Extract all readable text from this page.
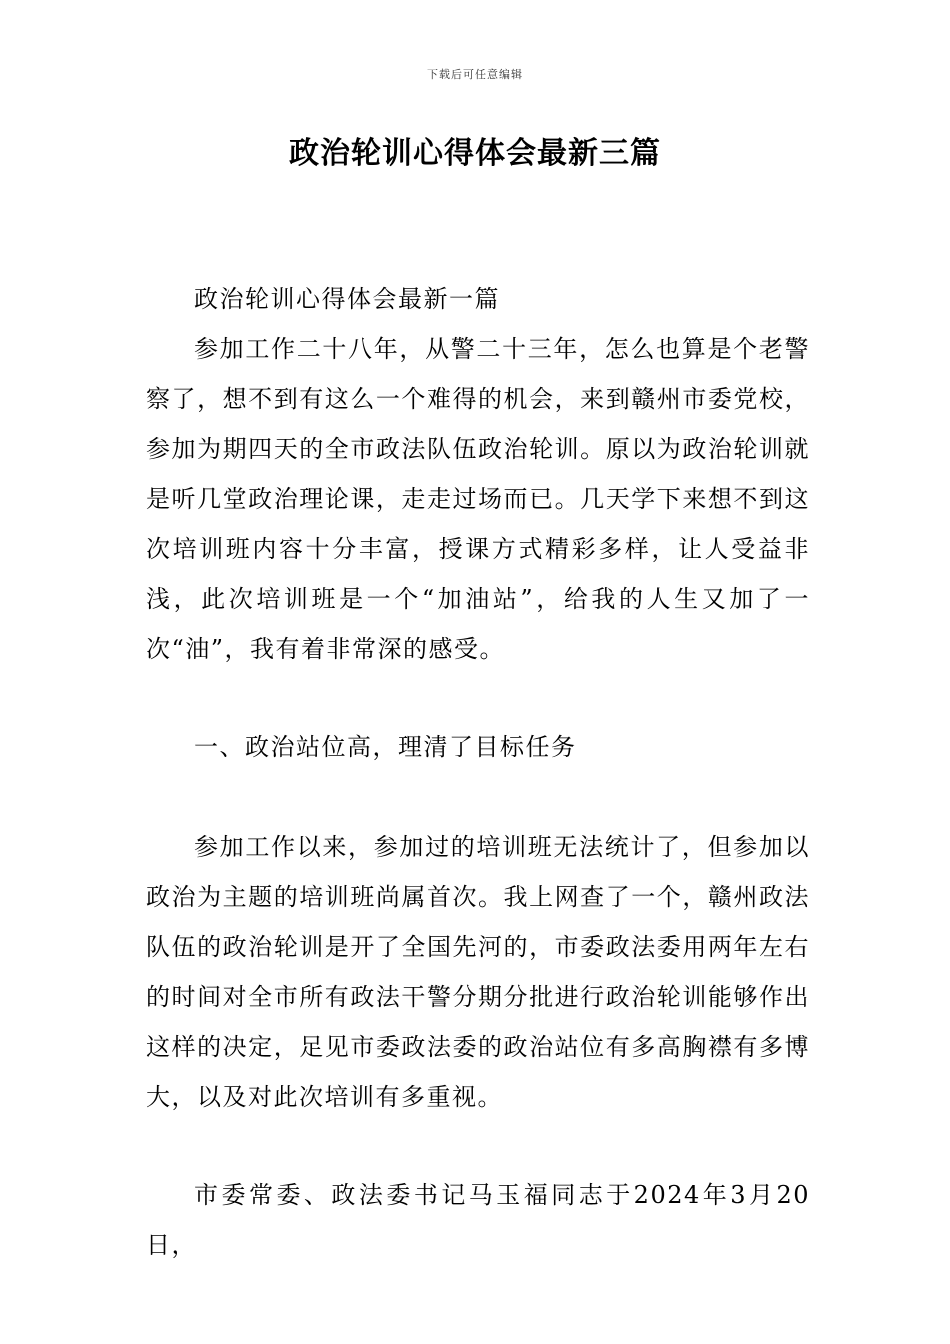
下载后可任意编辑
政治轮训心得体会最新三篇

政治轮训心得体会最新一篇

参加工作二十八年，从警二十三年，怎么也算是个老警察了，想不到有这么一个难得的机会，来到赣州市委党校，参加为期四天的全市政法队伍政治轮训。原以为政治轮训就是听几堂政治理论课，走走过场而已。几天学下来想不到这次培训班内容十分丰富，授课方式精彩多样，让人受益非浅，此次培训班是一个“加油站”，给我的人生又加了一次“油”，我有着非常深的感受。

一、政治站位高，理清了目标任务

参加工作以来，参加过的培训班无法统计了，但参加以政治为主题的培训班尚属首次。我上网查了一个，赣州政法队伍的政治轮训是开了全国先河的，市委政法委用两年左右的时间对全市所有政法干警分期分批进行政治轮训能够作出这样的决定，足见市委政法委的政治站位有多高胸襟有多博大，以及对此次培训有多重视。

市委常委、政法委书记马玉福同志于2024年3月20日，
